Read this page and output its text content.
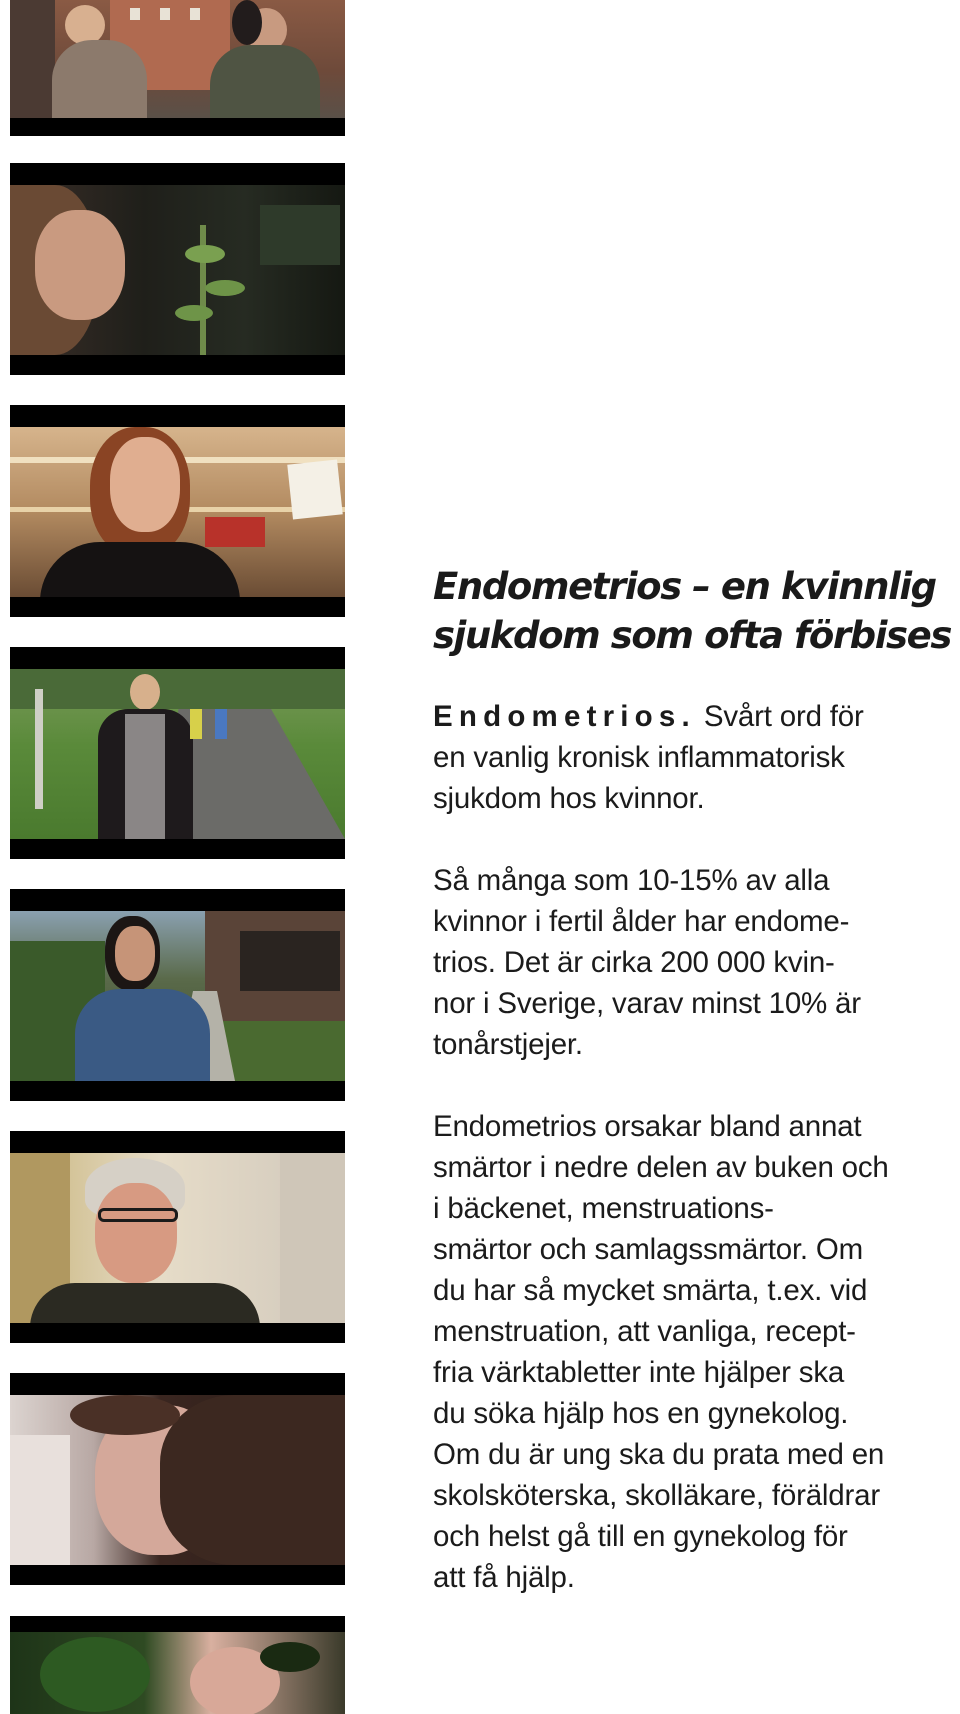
Endometrios – en kvinnlig
sjukdom som ofta förbises

Endometrios. Svårt ord för
en vanlig kronisk inflammatorisk
sjukdom hos kvinnor.

Så många som 10-15% av alla
kvinnor i fertil ålder har endome-
trios. Det är cirka 200 000 kvin-
nor i Sverige, varav minst 10% är
tonårstjejer.

Endometrios orsakar bland annat
smärtor i nedre delen av buken och
i bäckenet, menstruations-
smärtor och samlagssmärtor. Om
du har så mycket smärta, t.ex. vid
menstruation, att vanliga, recept-
fria värktabletter inte hjälper ska
du söka hjälp hos en gynekolog.
Om du är ung ska du prata med en
skolsköterska, skolläkare, föräldrar
och helst gå till en gynekolog för
att få hjälp.
